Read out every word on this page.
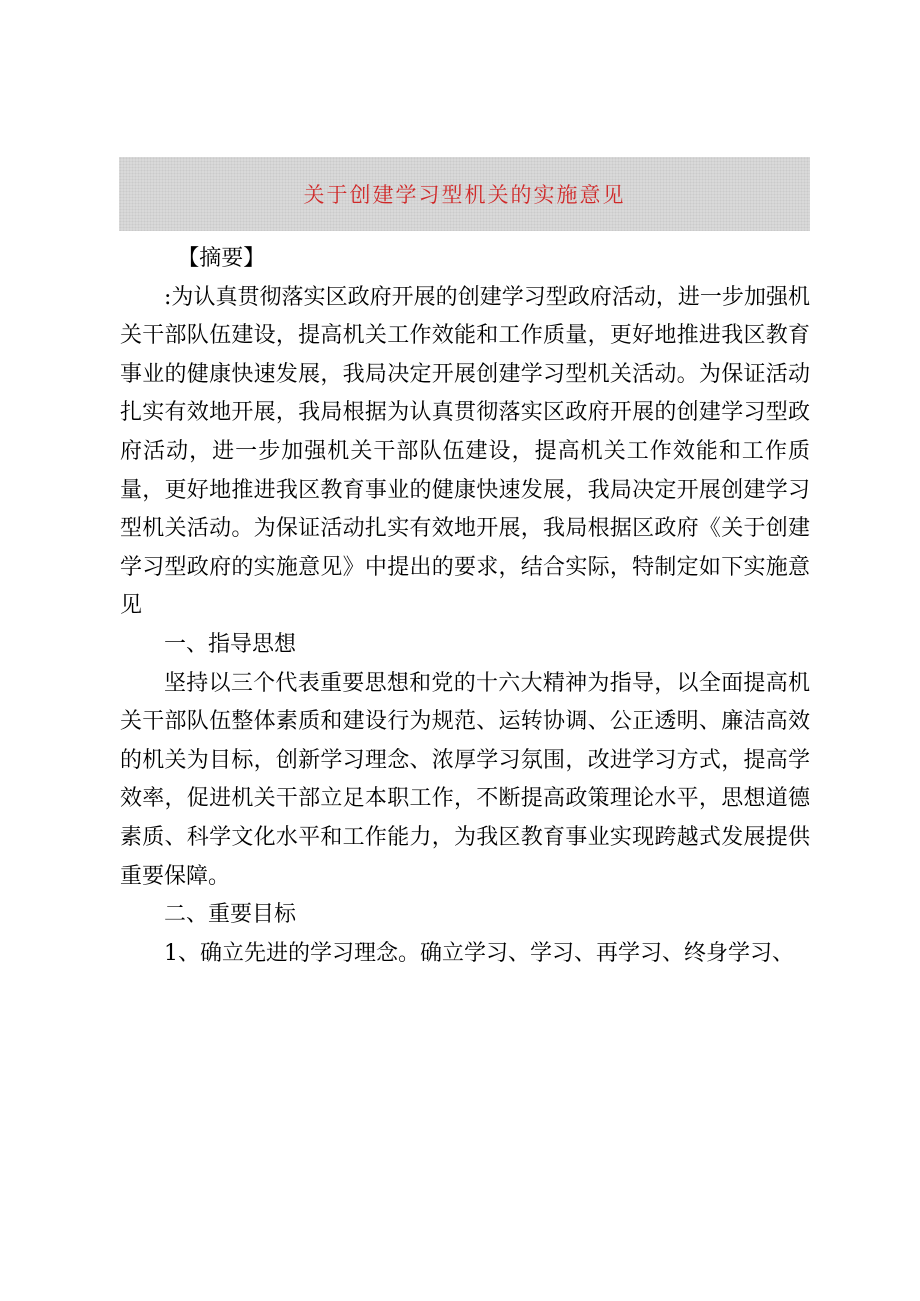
关于创建学习型机关的实施意见

【摘要】

:为认真贯彻落实区政府开展的创建学习型政府活动，进一步加强机关干部队伍建设，提高机关工作效能和工作质量，更好地推进我区教育事业的健康快速发展，我局决定开展创建学习型机关活动。为保证活动扎实有效地开展，我局根据为认真贯彻落实区政府开展的创建学习型政府活动，进一步加强机关干部队伍建设，提高机关工作效能和工作质量，更好地推进我区教育事业的健康快速发展，我局决定开展创建学习型机关活动。为保证活动扎实有效地开展，我局根据区政府《关于创建学习型政府的实施意见》中提出的要求，结合实际，特制定如下实施意见

一、指导思想

坚持以三个代表重要思想和党的十六大精神为指导，以全面提高机关干部队伍整体素质和建设行为规范、运转协调、公正透明、廉洁高效的机关为目标，创新学习理念、浓厚学习氛围，改进学习方式，提高学效率，促进机关干部立足本职工作，不断提高政策理论水平，思想道德素质、科学文化水平和工作能力，为我区教育事业实现跨越式发展提供重要保障。

二、重要目标

1、确立先进的学习理念。确立学习、学习、再学习、终身学习、
